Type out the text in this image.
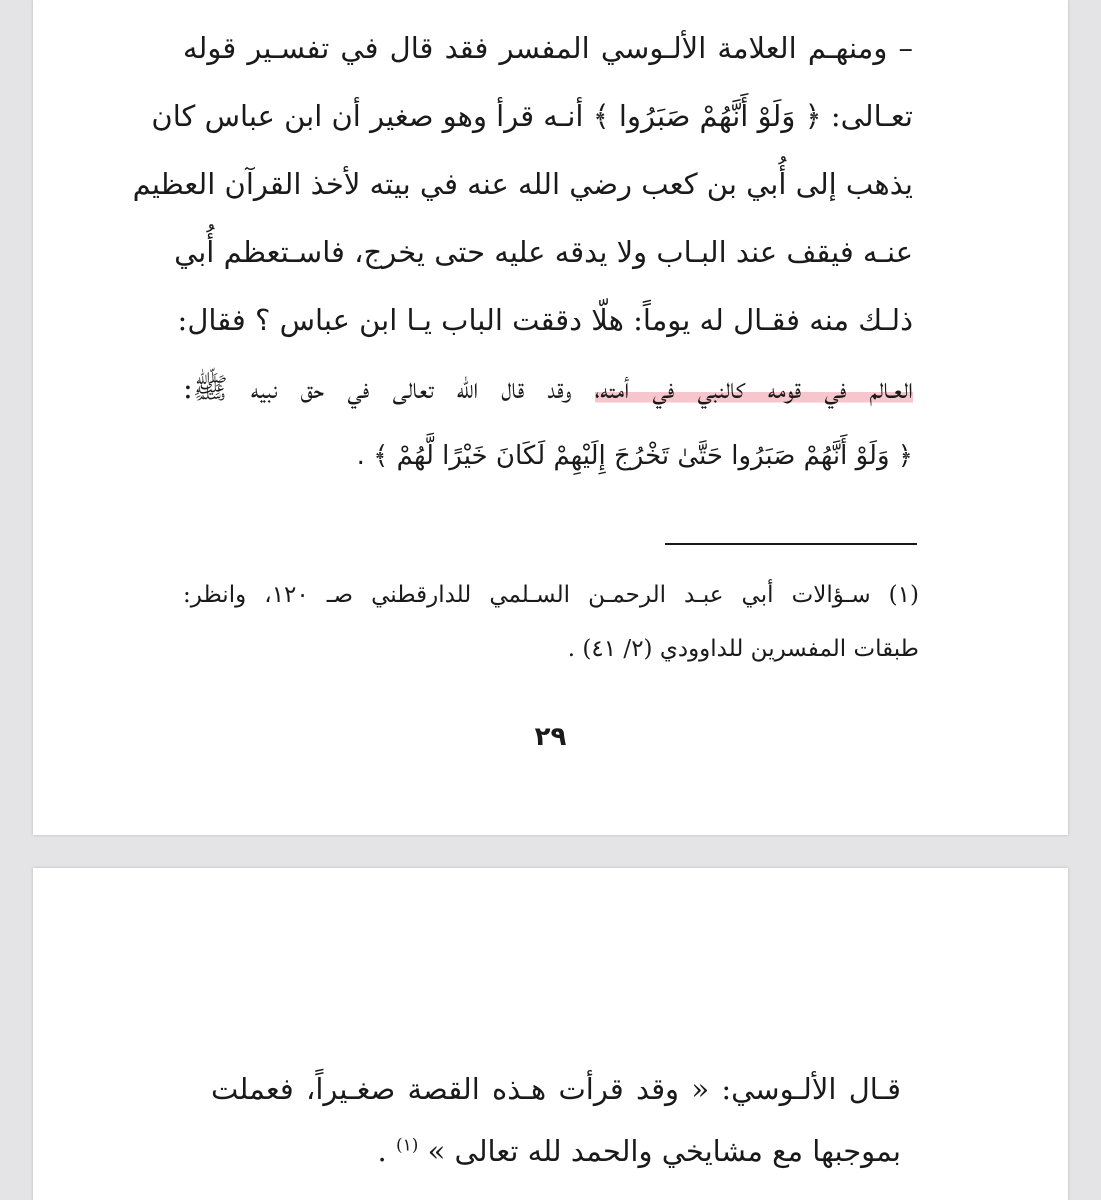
– ومنهـم العلامة الألـوسي المفسر فقد قال في تفسـير قوله
تعـالى: ﴿ وَلَوْ أَنَّهُمْ صَبَرُوا ﴾ أنـه قرأ وهو صغير أن ابن عباس كان
يذهب إلى أُبي بن كعب رضي الله عنه في بيته لأخذ القرآن العظيم
عنـه فيقف عند البـاب ولا يدقه عليه حتى يخرج، فاسـتعظم أُبي
ذلـك منه فقـال له يوماً: هلّا دققت الباب يـا ابن عباس ؟ فقال:
العـالم في قومه كالنبي في أمته، وقد قال الله تعالى في حق نبيه ﷺ:
﴿ وَلَوْ أَنَّهُمْ صَبَرُوا حَتَّىٰ تَخْرُجَ إِلَيْهِمْ لَكَانَ خَيْرًا لَّهُمْ ﴾ .
(١) سـؤالات أبي عبـد الرحمـن السـلمي للدارقطني صـ ١٢٠، وانظر:
طبقات المفسرين للداوودي (٢/ ٤١) .
٢٩
قـال الألـوسي: « وقد قرأت هـذه القصة صغـيراً، فعملت
بموجبها مع مشايخي والحمد لله تعالى » $^{(١)}$ .
